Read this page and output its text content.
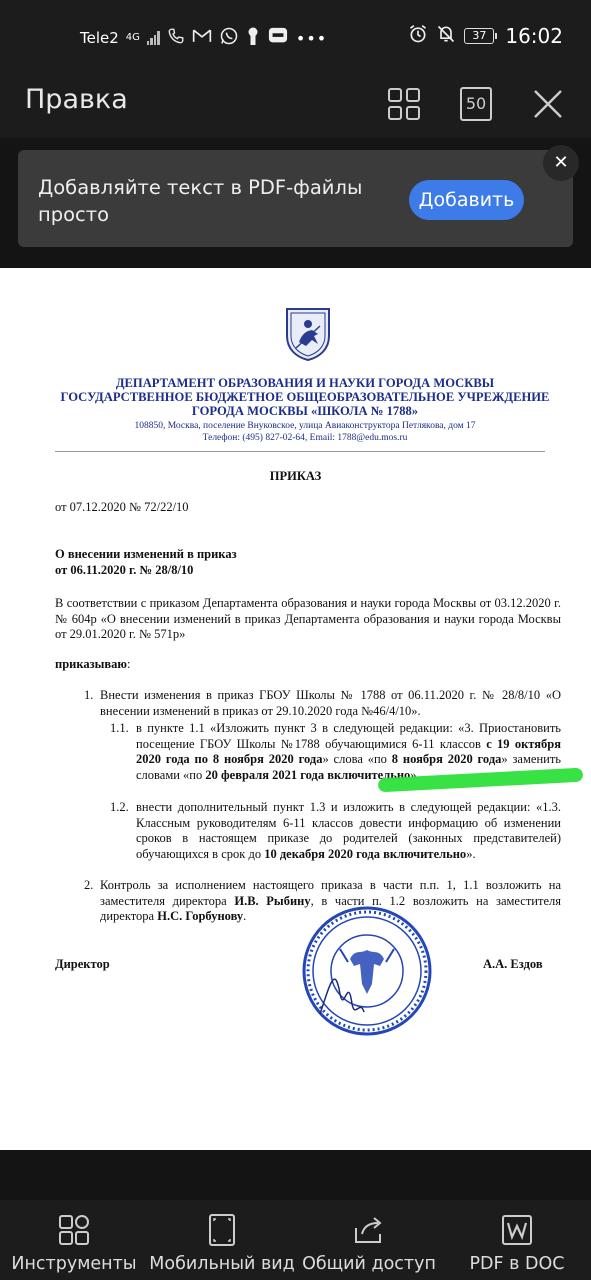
Tele2 4G	•••	37 16:02
Правка	50
Добавляйте текст в PDF-файлы просто
Добавить
✕
ДЕПАРТАМЕНТ ОБРАЗОВАНИЯ И НАУКИ ГОРОДА МОСКВЫ
ГОСУДАРСТВЕННОЕ БЮДЖЕТНОЕ ОБЩЕОБРАЗОВАТЕЛЬНОЕ УЧРЕЖДЕНИЕ
ГОРОДА МОСКВЫ «ШКОЛА № 1788»
108850, Москва, поселение Внуковское, улица Авиаконструктора Петлякова, дом 17
Телефон: (495) 827-02-64, Email: 1788@edu.mos.ru
ПРИКАЗ
от 07.12.2020 № 72/22/10
О внесении изменений в приказ
от 06.11.2020 г. № 28/8/10
В соответствии с приказом Департамента образования и науки города Москвы от 03.12.2020 г. № 604р «О внесении изменений в приказ Департамента образования и науки города Москвы от 29.01.2020 г. № 571р»
приказываю:
1. Внести изменения в приказ ГБОУ Школы № 1788 от 06.11.2020 г. № 28/8/10 «О внесении изменений в приказ от 29.10.2020 года №46/4/10».
1.1. в пункте 1.1 «Изложить пункт 3 в следующей редакции: «3. Приостановить посещение ГБОУ Школы №1788 обучающимися 6-11 классов с 19 октября 2020 года по 8 ноября 2020 года» слова «по 8 ноября 2020 года» заменить словами «по 20 февраля 2021 года включительно».
1.2. внести дополнительный пункт 1.3 и изложить в следующей редакции: «1.3. Классным руководителям 6-11 классов довести информацию об изменении сроков в настоящем приказе до родителей (законных представителей) обучающихся в срок до 10 декабря 2020 года включительно».
2. Контроль за исполнением настоящего приказа в части п.п. 1, 1.1 возложить на заместителя директора И.В. Рыбину, в части п. 1.2 возложить на заместителя директора Н.С. Горбунову.
Директор	А.А. Ездов
Инструменты Мобильный вид Общий доступ PDF в DOC
